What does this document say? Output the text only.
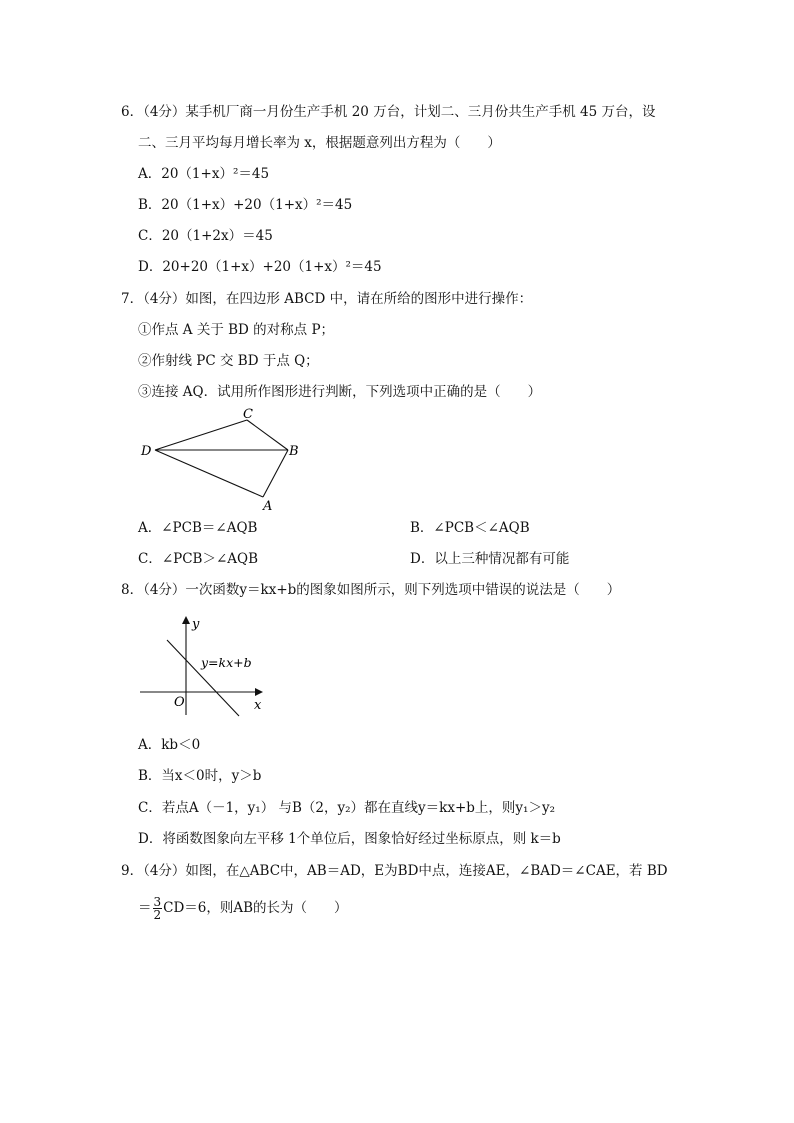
6．（4分）某手机厂商一月份生产手机 20 万台，计划二、三月份共生产手机 45 万台，设
二、三月平均每月增长率为 x，根据题意列出方程为（　　）
A．20（1+x）²＝45
B．20（1+x）+20（1+x）²＝45
C．20（1+2x）＝45
D．20+20（1+x）+20（1+x）²＝45
7．（4分）如图，在四边形 ABCD 中，请在所给的图形中进行操作：
①作点 A 关于 BD 的对称点 P；
②作射线 PC 交 BD 于点 Q；
③连接 AQ．试用所作图形进行判断，下列选项中正确的是（　　）
C
D	B
A
A．∠PCB＝∠AQB	B．∠PCB＜∠AQB
C．∠PCB＞∠AQB	D．以上三种情况都有可能
8．（4分）一次函数y＝kx+b的图象如图所示，则下列选项中错误的说法是（　　）
y
x
O
y=kx+b
A．kb＜0
B．当x＜0时，y＞b
C．若点A（－1，y₁） 与B（2，y₂）都在直线y＝kx+b上，则y₁＞y₂
D．将函数图象向左平移 1个单位后，图象恰好经过坐标原点，则 k＝b
9．（4分）如图，在△ABC中，AB＝AD，E为BD中点，连接AE，∠BAD＝∠CAE，若 BD
＝ $\frac{3}{2} CD=6$，则AB的长为（　　）
